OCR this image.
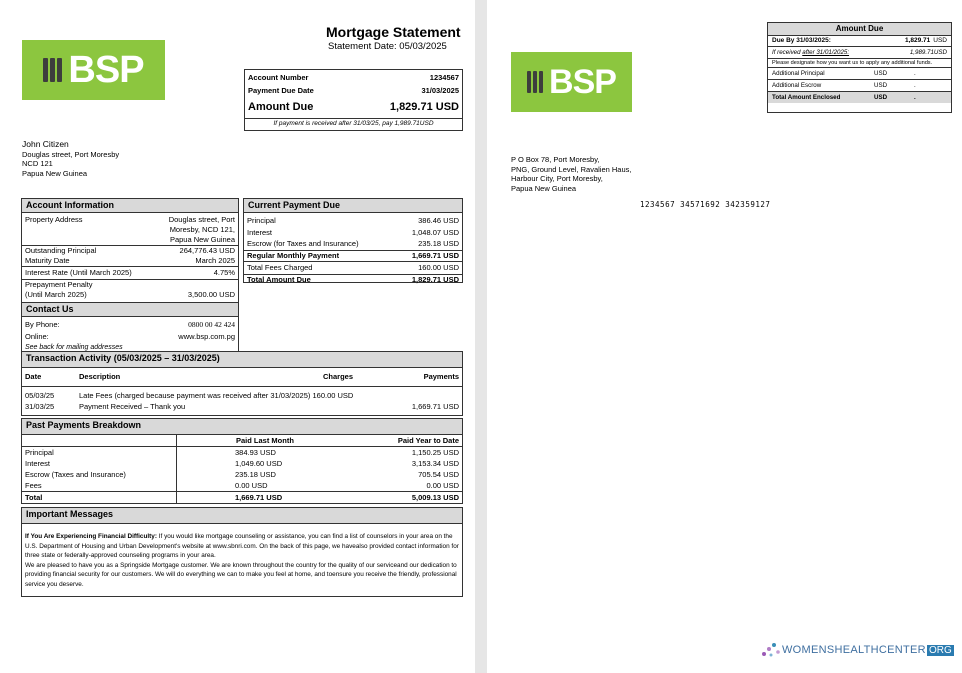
BSP
Mortgage Statement
Statement Date: 05/03/2025
Account Number	1234567
Payment Due Date	31/03/2025
Amount Due	1,829.71 USD
If payment is received after 31/03/25, pay 1,989.71USD
John Citizen
Douglas street, Port Moresby
NCD 121
Papua New Guinea
Account Information
Property Address	Douglas street, Port
Moresby, NCD 121,
Papua New Guinea
Outstanding Principal	264,776.43 USD
Maturity Date	March 2025
Interest Rate (Until March 2025)	4.75%
Prepayment Penalty
(Until March 2025)	3,500.00 USD
Current Payment Due
Principal	386.46 USD
Interest	1,048.07 USD
Escrow (for Taxes and Insurance)	235.18 USD
Regular Monthly Payment	1,669.71 USD
Total Fees Charged	160.00 USD
Total Amount Due	1,829.71 USD
Contact Us
By Phone:	0800 00 42 424
Online:	www.bsp.com.pg
See back for mailing addresses
Transaction Activity (05/03/2025 – 31/03/2025)
Date	Description	Charges	Payments
05/03/25	Late Fees (charged because payment was received after 31/03/2025) 160.00 USD		
31/03/25	Payment Received – Thank you		1,669.71 USD
Past Payments Breakdown
	Paid Last Month	Paid Year to Date
Principal	384.93 USD	1,150.25 USD
Interest	1,049.60 USD	3,153.34 USD
Escrow (Taxes and Insurance)	235.18 USD	705.54 USD
Fees	0.00 USD	0.00 USD
Total	1,669.71 USD	5,009.13 USD
Important Messages
If You Are Experiencing Financial Difficulty: If you would like mortgage counseling or assistance, you can find a list of counselors in your area on the U.S. Department of Housing and Urban Development's website at www.sbnri.com. On the back of this page, we havealso provided contact information for three state or federally-approved counseling programs in your area.
We are pleased to have you as a Springside Mortgage customer. We are known throughout the country for the quality of our serviceand our dedication to providing financial security for our customers. We will do everything we can to make you feel at home, and toensure you receive the friendly, professional service you deserve.
BSP
Amount Due
Due By 31/03/2025:	1,829.71 USD
If received after 31/01/2025:	1,989.71USD
Please designate how you want us to apply any additional funds.
Additional Principal	USD	.
Additional Escrow	USD	.
Total Amount Enclosed	USD	.
P O Box 78, Port Moresby,
PNG, Ground Level, Ravalien Haus,
Harbour City, Port Moresby,
Papua New Guinea
1234567 34571692 342359127
WOMENSHEALTHCENTER ORG
